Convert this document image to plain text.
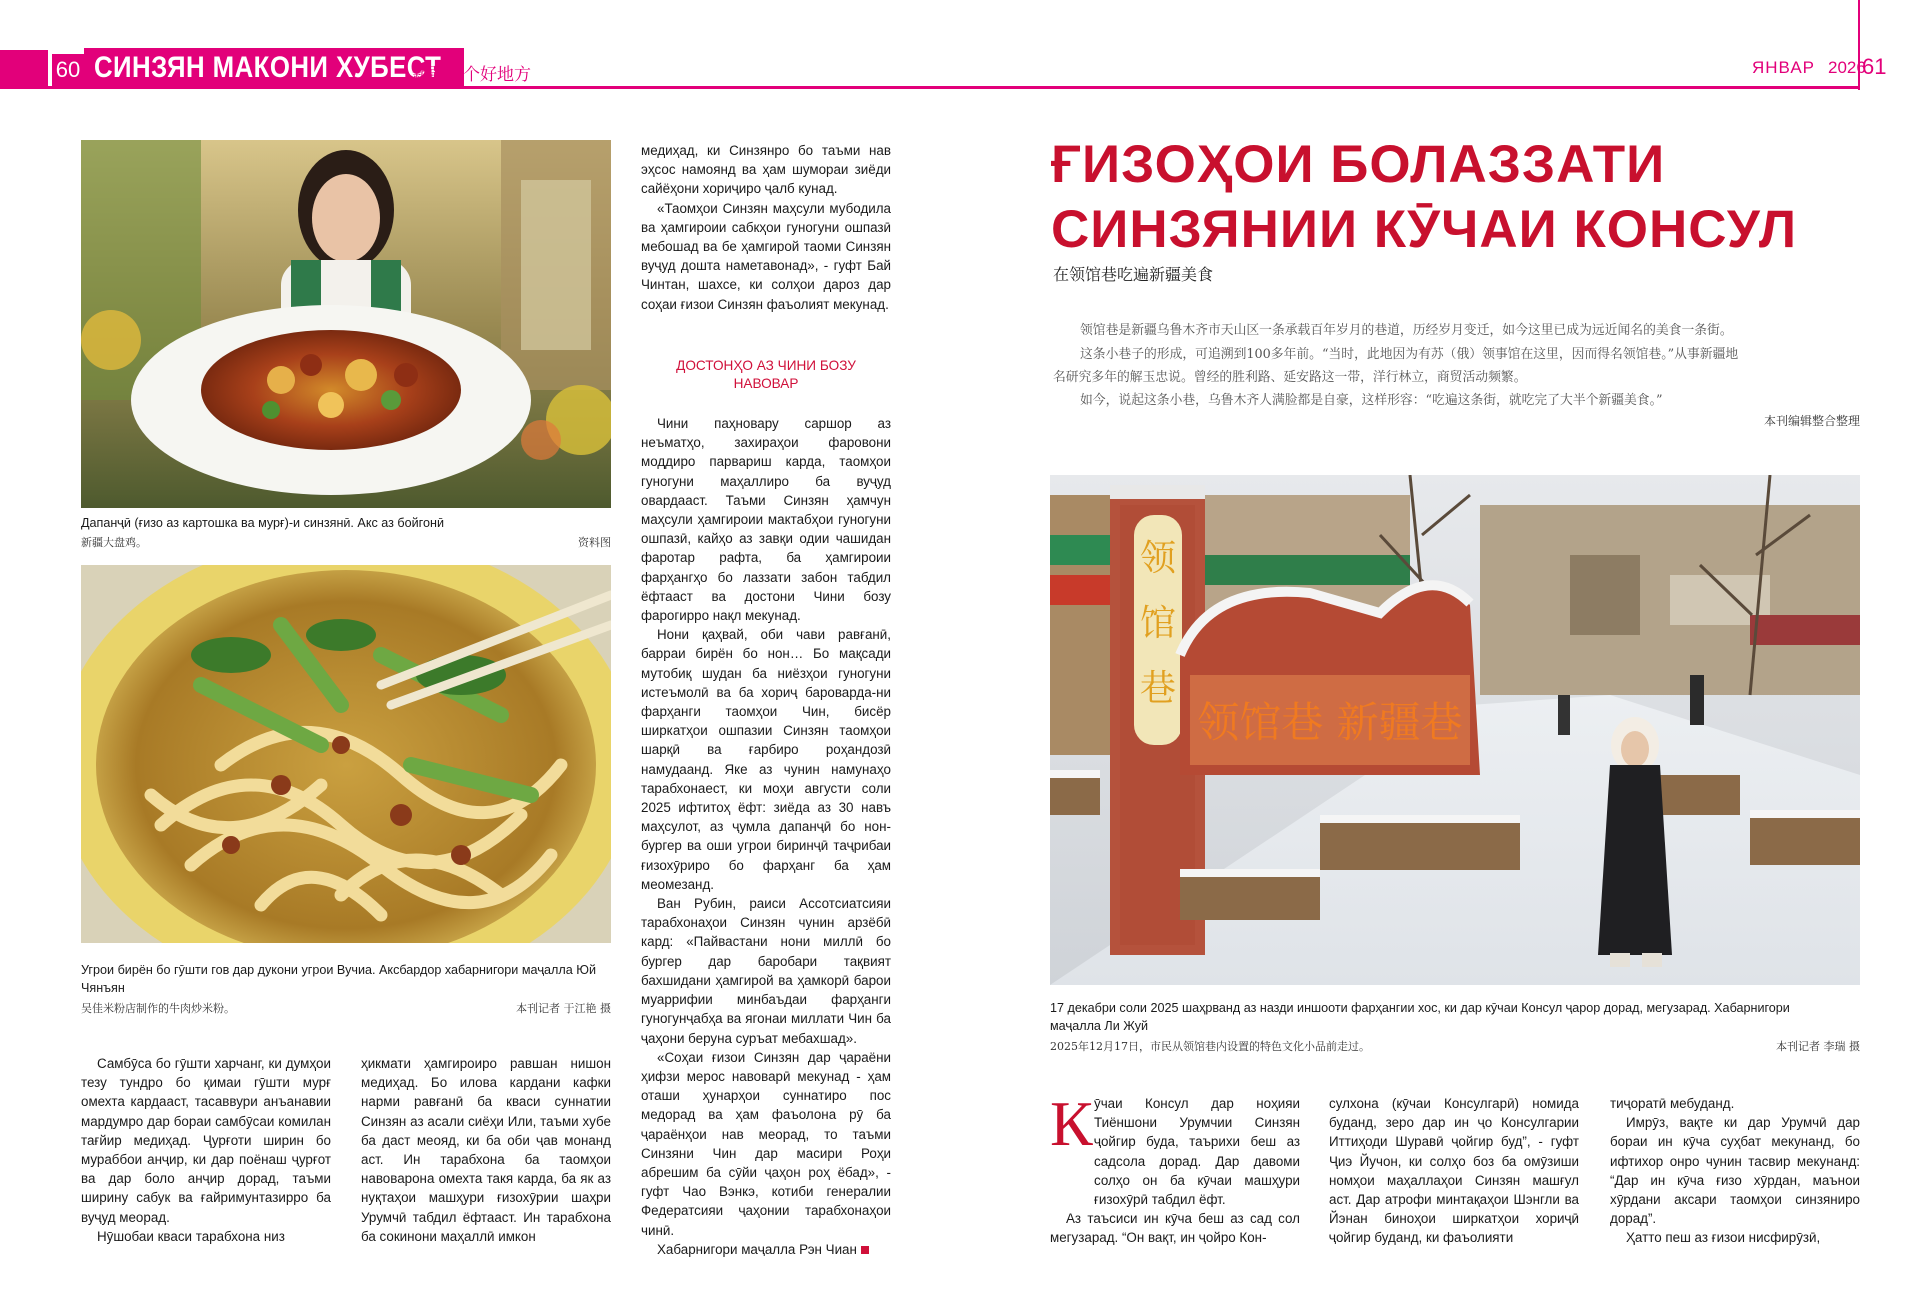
60 СИНЗЯН МАКОНИ ХУБЕСТ
新疆是个好地方	ЯНВАР 2026
61
Дапанҷӣ (ғизо аз картошка ва мурғ)-и синзянӣ. Акс аз бойгонӣ
新疆大盘鸡。	资料图
Угрои бирён бо гӯшти гов дар дукони угрои Вучиа. Аксбардор хабарнигори маҷалла Юй
Чянъян
吴佳米粉店制作的牛肉炒米粉。	本刊记者 于江艳 摄

медиҳад, ки Синзянро бо таъми нав эҳсос намоянд ва ҳам шумораи зиёди сайёҳони хориҷиро ҷалб кунад.

«Таомҳои Синзян маҳсули мубодила ва ҳамгироии сабкҳои гуногуни ошпазӣ мебошад ва бе ҳамгирой таоми Синзян вуҷуд дошта наметавонад», - гуфт Бай Чинтан, шахсе, ки солҳои дароз дар соҳаи ғизои Синзян фаъолият мекунад.

ДОСТОНҲО АЗ ЧИНИ БОЗУ НАВОВАР

Чини паҳновару саршор аз неъматҳо, захираҳои фаровони моддиро парвариш карда, таомҳои гуногуни маҳаллиро ба вуҷуд овардааст. Таъми Синзян ҳамчун маҳсули ҳамгироии мактабҳои гуногуни ошпазӣ, кайҳо аз завқи одии чашидан фаротар рафта, ба ҳамгироии фарҳангҳо бо лаззати забон табдил ёфтааст ва достони Чини бозу фарогирро нақл мекунад.

Нони қаҳвай, оби чави равғанӣ, барраи бирён бо нон… Бо мақсади мутобиқ шудан ба ниёзҳои гуногуни истеъмолӣ ва ба хориҷ бароварда-ни фарҳанги таомҳои Чин, бисёр ширкатҳои ошпазии Синзян таомҳои шарқӣ ва ғарбиро роҳандозӣ намудаанд. Яке аз чунин намунаҳо тарабхонаест, ки моҳи августи соли 2025 ифтитоҳ ёфт: зиёда аз 30 навъ маҳсулот, аз ҷумла дапанҷӣ бо нон-бургер ва оши угрои биринҷӣ таҷрибаи ғизохӯриро бо фарҳанг ба ҳам меомезанд.

Ван Рубин, раиси Ассотсиатсияи тарабхонаҳои Синзян чунин арзёбӣ кард: «Пайвастани нони миллӣ бо бургер дар баробари тақвият бахшидани ҳамгирой ва ҳамкорӣ барои муаррифии минбаъдаи фарҳанги гуногунҷабҳа ва ягонаи миллати Чин ба ҷаҳони беруна суръат мебахшад».

«Соҳаи ғизои Синзян дар ҷараёни ҳифзи мерос навоварӣ мекунад - ҳам оташи ҳунарҳои суннатиро пос медорад ва ҳам фаъолона рӯ ба ҷараёнҳои нав меорад, то таъми Синзяни Чин дар масири Роҳи абрешим ба сӯйи ҷаҳон роҳ ёбад», - гуфт Чао Вэнкэ, котиби генералии Федератсияи ҷаҳонии тарабхонаҳои чинӣ.

Хабарнигори маҷалла Рэн Чиан

Самбӯса бо гӯшти харчанг, ки думҳои тезу тундро бо қимаи гӯшти мурғ омехта кардааст, тасаввури анъанавии мардумро дар бораи самбӯсаи комилан тағйир медиҳад. Ҷурғоти ширин бо мураббои анҷир, ки дар поёнаш ҷурғот ва дар боло анҷир дорад, таъми ширину сабук ва ғайримунтазирро ба вуҷуд меорад.

Нӯшобаи кваси тарабхона низ

ҳикмати ҳамгироиро равшан нишон медиҳад. Бо илова кардани кафки нарми равғанӣ ба кваси суннатии Синзян аз асали сиёҳи Или, таъми хубе ба даст меояд, ки ба оби ҷав монанд аст. Ин тарабхона ба таомҳои навоварона омехта такя карда, ба як аз нуқтаҳои машҳури ғизохӯрии шаҳри Урумчӣ табдил ёфтааст. Ин тарабхона ба сокинони маҳаллӣ имкон

ҒИЗОҲОИ БОЛАЗЗАТИ
СИНЗЯНИИ КӮЧАИ КОНСУЛ
在领馆巷吃遍新疆美食
领馆巷是新疆乌鲁木齐市天山区一条承载百年岁月的巷道，历经岁月变迁，如今这里已成为远近闻名的美食一条街。
这条小巷子的形成，可追溯到100多年前。“当时，此地因为有苏（俄）领事馆在这里，因而得名领馆巷。”从事新疆地
名研究多年的解玉忠说。曾经的胜利路、延安路这一带，洋行林立，商贸活动频繁。
如今，说起这条小巷，乌鲁木齐人满脸都是自豪，这样形容：“吃遍这条街，就吃完了大半个新疆美食。”
本刊编辑整合整理
领
馆
巷
领馆巷 新疆巷
17 декабри соли 2025 шаҳрванд аз назди иншооти фарҳангии хос, ки дар кӯчаи Консул ҷарор дорад, мегузарад. Хабарнигори
маҷалла Ли Жуй
2025年12月17日，市民从领馆巷内设置的特色文化小品前走过。	本刊记者 李瑞 摄
К ӯчаи Консул дар ноҳияи Тиёншони Урумчии Синзян ҷойгир буда, таърихи беш аз садсола дорад. Дар давоми солҳо он ба кӯчаи машҳури ғизохӯрӣ табдил ёфт.

Аз таъсиси ин кӯча беш аз сад сол мегузарад. “Он вақт, ин ҷойро Кон-

сулхона (кӯчаи Консулгарӣ) номида буданд, зеро дар ин ҷо Консулгарии Иттиҳоди Шуравӣ ҷойгир буд”, - гуфт Ҷиэ Йучон, ки солҳо боз ба омӯзиши номҳои маҳаллаҳои Синзян машғул аст. Дар атрофи минтақаҳои Шэнгли ва Йэнан биноҳои ширкатҳои хориҷӣ ҷойгир буданд, ки фаъолияти

тиҷоратӣ мебуданд.

Имрӯз, вақте ки дар Урумчӣ дар бораи ин кӯча суҳбат мекунанд, бо ифтихор онро чунин тасвир мекунанд: “Дар ин кӯча ғизо хӯрдан, маънои хӯрдани аксари таомҳои синзяниро дорад”.

Ҳатто пеш аз ғизои нисфирӯзӣ,
